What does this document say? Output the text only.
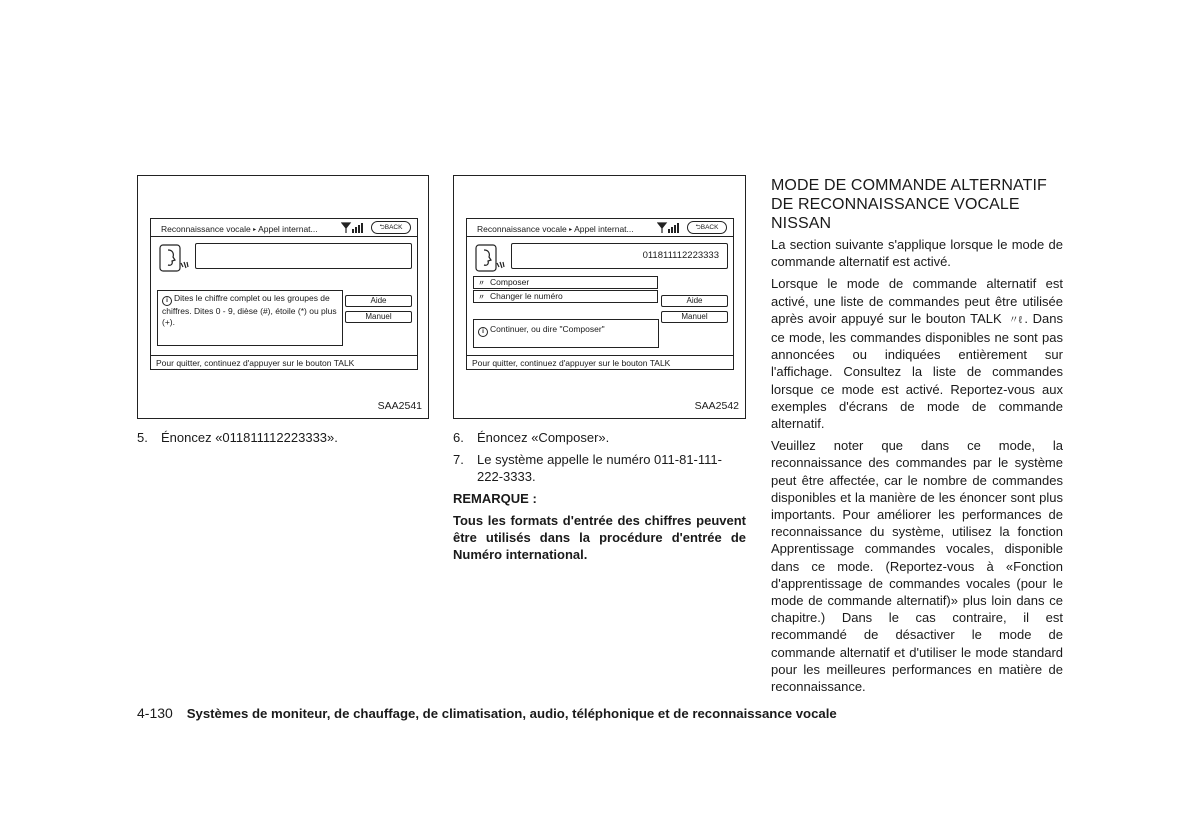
Reconnaissance vocale ▸ Appel internat...	⮌BACK
i Dites le chiffre complet ou les groupes de chiffres. Dites 0 - 9, dièse (#), étoile (*) ou plus (+).
Aide
Manuel
Pour quitter, continuez d'appuyer sur le bouton TALK
SAA2541
Reconnaissance vocale ▸ Appel internat...	⮌BACK
011811112223333
〃 Composer
〃 Changer le numéro	Aide
Manuel
i Continuer, ou dire "Composer"
Pour quitter, continuez d'appuyer sur le bouton TALK
SAA2542
5. Énoncez «011811112223333».	6. Énoncez «Composer».
7. Le système appelle le numéro 011-81-111-222-3333.
REMARQUE :
Tous les formats d'entrée des chiffres peuvent être utilisés dans la procédure d'entrée de Numéro international.
MODE DE COMMANDE ALTERNATIF DE RECONNAISSANCE VOCALE NISSAN

La section suivante s'applique lorsque le mode de commande alternatif est activé.

Lorsque le mode de commande alternatif est activé, une liste de commandes peut être utilisée après avoir appuyé sur le bouton TALK 〃ℓ . Dans ce mode, les commandes disponibles ne sont pas annoncées ou indiquées entièrement sur l'affichage. Consultez la liste de commandes lorsque ce mode est activé. Reportez-vous aux exemples d'écrans de mode de commande alternatif.

Veuillez noter que dans ce mode, la reconnaissance des commandes par le système peut être affectée, car le nombre de commandes disponibles et la manière de les énoncer sont plus importants. Pour améliorer les performances de reconnaissance du système, utilisez la fonction Apprentissage commandes vocales, disponible dans ce mode. (Reportez-vous à «Fonction d'apprentissage de commandes vocales (pour le mode de commande alternatif)» plus loin dans ce chapitre.) Dans le cas contraire, il est recommandé de désactiver le mode de commande alternatif et d'utiliser le mode standard pour les meilleures performances en matière de reconnaissance.

4-130 Systèmes de moniteur, de chauffage, de climatisation, audio, téléphonique et de reconnaissance vocale
